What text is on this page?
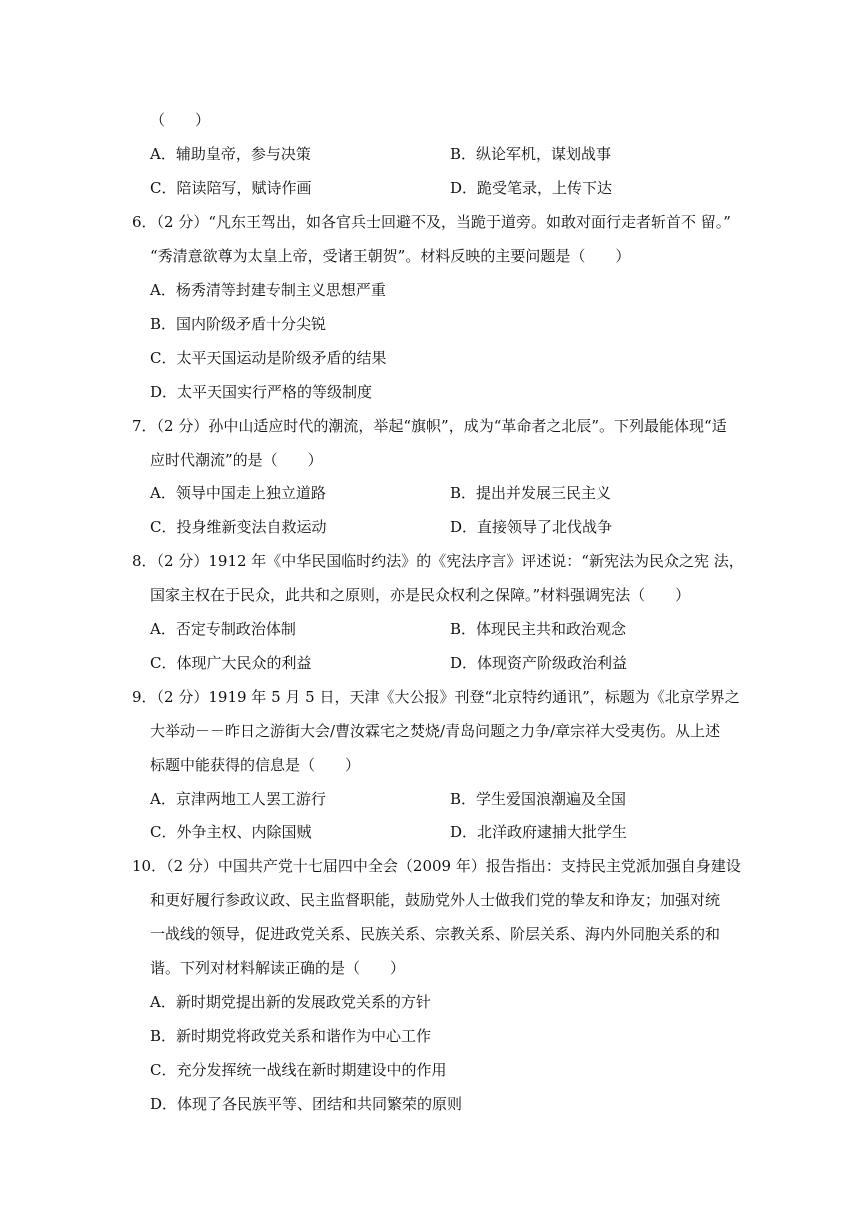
（　　）
A．辅助皇帝，参与决策	B．纵论军机，谋划战事
C．陪读陪写，赋诗作画	D．跪受笔录，上传下达
6．（2 分）“凡东王驾出，如各官兵士回避不及，当跪于道旁。如敢对面行走者斩首不 留。”
“秀清意欲尊为太皇上帝，受诸王朝贺”。材料反映的主要问题是（　　）
A．杨秀清等封建专制主义思想严重
B．国内阶级矛盾十分尖锐
C．太平天国运动是阶级矛盾的结果
D．太平天国实行严格的等级制度
7．（2 分）孙中山适应时代的潮流，举起“旗帜”，成为“革命者之北辰”。下列最能体现“适
应时代潮流”的是（　　）
A．领导中国走上独立道路	B．提出并发展三民主义
C．投身维新变法自救运动	D．直接领导了北伐战争
8．（2 分）1912 年《中华民国临时约法》的《宪法序言》评述说：“新宪法为民众之宪 法，
国家主权在于民众，此共和之原则，亦是民众权利之保障。”材料强调宪法（　　）
A．否定专制政治体制	B．体现民主共和政治观念
C．体现广大民众的利益	D．体现资产阶级政治利益
9．（2 分）1919 年 5 月 5 日，天津《大公报》刊登“北京特约通讯”，标题为《北京学界之
大举动－－昨日之游街大会/曹汝霖宅之焚烧/青岛问题之力争/章宗祥大受夷伤。从上述
标题中能获得的信息是（　　）
A．京津两地工人罢工游行	B．学生爱国浪潮遍及全国
C．外争主权、内除国贼	D．北洋政府逮捕大批学生
10．（2 分）中国共产党十七届四中全会（2009 年）报告指出：支持民主党派加强自身建设
和更好履行参政议政、民主监督职能，鼓励党外人士做我们党的挚友和诤友；加强对统
一战线的领导，促进政党关系、民族关系、宗教关系、阶层关系、海内外同胞关系的和
谐。下列对材料解读正确的是（　　）
A．新时期党提出新的发展政党关系的方针
B．新时期党将政党关系和谐作为中心工作
C．充分发挥统一战线在新时期建设中的作用
D．体现了各民族平等、团结和共同繁荣的原则
